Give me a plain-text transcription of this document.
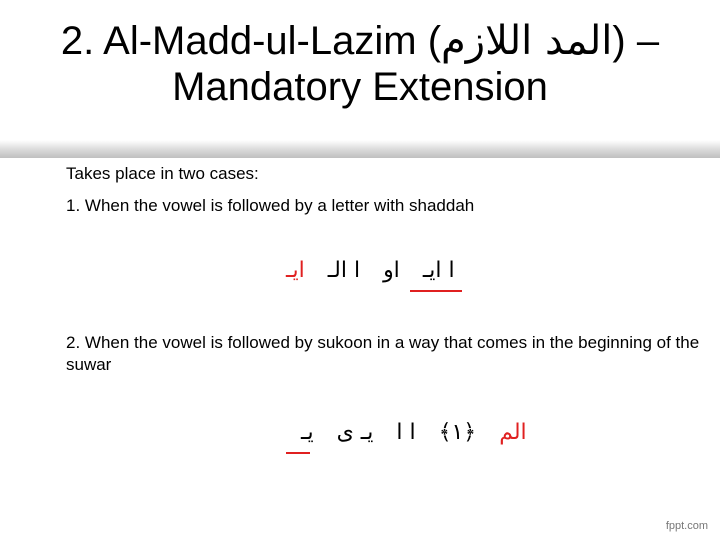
2. Al-Madd-ul-Lazim (المد اللازم) –
Mandatory Extension
Takes place in two cases:
1. When the vowel is followed by a letter with shaddah
ا ايـ او ا الـ ايـ
2. When the vowel is followed by sukoon in a way that comes in the beginning of the suwar
الم ﴿١﴾ ا ا يـ ى يـ
fppt.com
